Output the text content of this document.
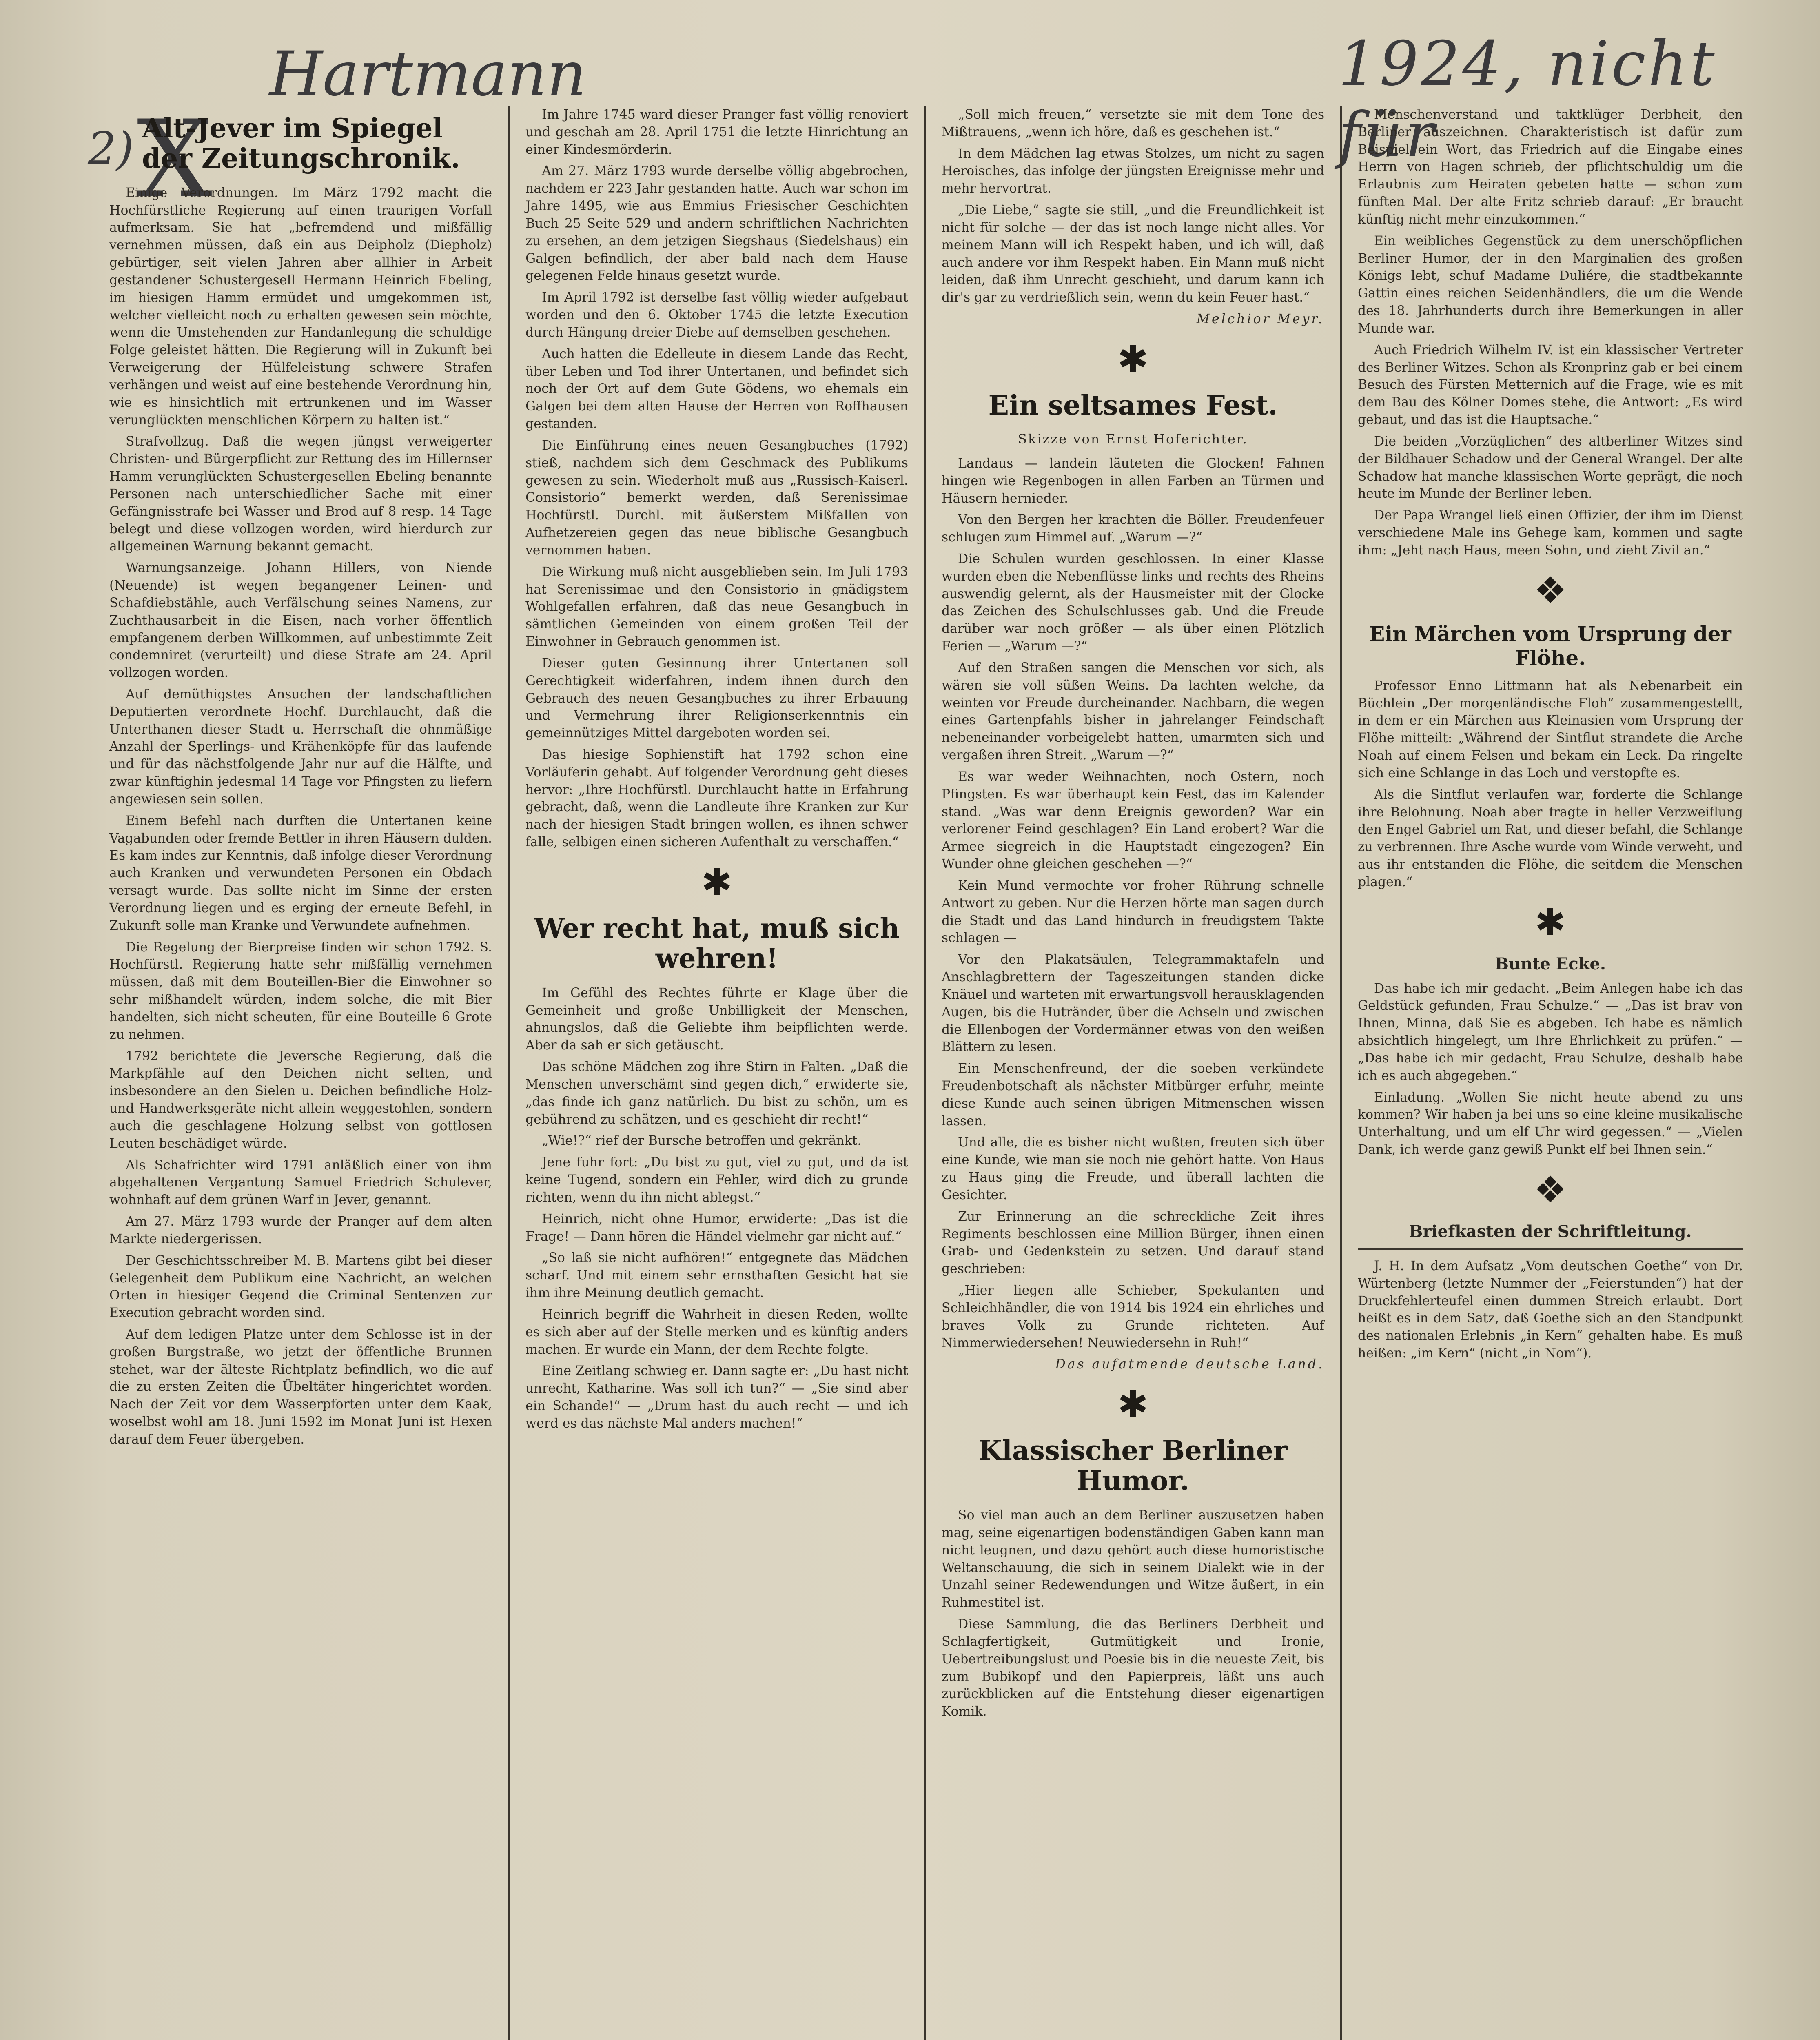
Hartmann	1924, nicht für
2) X
Alt-Jever im Spiegel der Zeitungschronik.

Einige Verordnungen. Im März 1792 macht die Hochfürstliche Regierung auf einen traurigen Vorfall aufmerksam. Sie hat „befremdend und mißfällig vernehmen müssen, daß ein aus Deipholz (Diepholz) gebürtiger, seit vielen Jahren aber allhier in Arbeit gestandener Schustergesell Hermann Heinrich Ebeling, im hiesigen Hamm ermüdet und umgekommen ist, welcher vielleicht noch zu erhalten gewesen sein möchte, wenn die Umstehenden zur Handanlegung die schuldige Folge geleistet hätten. Die Regierung will in Zukunft bei Verweigerung der Hülfeleistung schwere Strafen verhängen und weist auf eine bestehende Verordnung hin, wie es hinsichtlich mit ertrunkenen und im Wasser verunglückten menschlichen Körpern zu halten ist.“

Strafvollzug. Daß die wegen jüngst verweigerter Christen- und Bürgerpflicht zur Rettung des im Hillernser Hamm verunglückten Schustergesellen Ebeling benannte Personen nach unterschiedlicher Sache mit einer Gefängnisstrafe bei Wasser und Brod auf 8 resp. 14 Tage belegt und diese vollzogen worden, wird hierdurch zur allgemeinen Warnung bekannt gemacht.

Warnungsanzeige. Johann Hillers, von Niende (Neuende) ist wegen begangener Leinen- und Schafdiebstähle, auch Verfälschung seines Namens, zur Zuchthausarbeit in die Eisen, nach vorher öffentlich empfangenem derben Willkommen, auf unbestimmte Zeit condemniret (verurteilt) und diese Strafe am 24. April vollzogen worden.

Auf demüthigstes Ansuchen der landschaftlichen Deputierten verordnete Hochf. Durchlaucht, daß die Unterthanen dieser Stadt u. Herrschaft die ohnmäßige Anzahl der Sperlings- und Krähenköpfe für das laufende und für das nächstfolgende Jahr nur auf die Hälfte, und zwar künftighin jedesmal 14 Tage vor Pfingsten zu liefern angewiesen sein sollen.

Einem Befehl nach durften die Untertanen keine Vagabunden oder fremde Bettler in ihren Häusern dulden. Es kam indes zur Kenntnis, daß infolge dieser Verordnung auch Kranken und verwundeten Personen ein Obdach versagt wurde. Das sollte nicht im Sinne der ersten Verordnung liegen und es erging der erneute Befehl, in Zukunft solle man Kranke und Verwundete aufnehmen.

Die Regelung der Bierpreise finden wir schon 1792. S. Hochfürstl. Regierung hatte sehr mißfällig vernehmen müssen, daß mit dem Bouteillen-Bier die Einwohner so sehr mißhandelt würden, indem solche, die mit Bier handelten, sich nicht scheuten, für eine Bouteille 6 Grote zu nehmen.

1792 berichtete die Jeversche Regierung, daß die Markpfähle auf den Deichen nicht selten, und insbesondere an den Sielen u. Deichen befindliche Holz- und Handwerksgeräte nicht allein weggestohlen, sondern auch die geschlagene Holzung selbst von gottlosen Leuten beschädiget würde.

Als Schafrichter wird 1791 anläßlich einer von ihm abgehaltenen Vergantung Samuel Friedrich Schulever, wohnhaft auf dem grünen Warf in Jever, genannt.

Am 27. März 1793 wurde der Pranger auf dem alten Markte niedergerissen.

Der Geschichtsschreiber M. B. Martens gibt bei dieser Gelegenheit dem Publikum eine Nachricht, an welchen Orten in hiesiger Gegend die Criminal Sentenzen zur Execution gebracht worden sind.

Auf dem ledigen Platze unter dem Schlosse ist in der großen Burgstraße, wo jetzt der öffentliche Brunnen stehet, war der älteste Richtplatz befindlich, wo die auf die zu ersten Zeiten die Übeltäter hingerichtet worden. Nach der Zeit vor dem Wasserpforten unter dem Kaak, woselbst wohl am 18. Juni 1592 im Monat Juni ist Hexen darauf dem Feuer übergeben.

Im Jahre 1745 ward dieser Pranger fast völlig renoviert und geschah am 28. April 1751 die letzte Hinrichtung an einer Kindesmörderin.

Am 27. März 1793 wurde derselbe völlig abgebrochen, nachdem er 223 Jahr gestanden hatte. Auch war schon im Jahre 1495, wie aus Emmius Friesischer Geschichten Buch 25 Seite 529 und andern schriftlichen Nachrichten zu ersehen, an dem jetzigen Siegshaus (Siedelshaus) ein Galgen befindlich, der aber bald nach dem Hause gelegenen Felde hinaus gesetzt wurde.

Im April 1792 ist derselbe fast völlig wieder aufgebaut worden und den 6. Oktober 1745 die letzte Execution durch Hängung dreier Diebe auf demselben geschehen.

Auch hatten die Edelleute in diesem Lande das Recht, über Leben und Tod ihrer Untertanen, und befindet sich noch der Ort auf dem Gute Gödens, wo ehemals ein Galgen bei dem alten Hause der Herren von Roffhausen gestanden.

Die Einführung eines neuen Gesangbuches (1792) stieß, nachdem sich dem Geschmack des Publikums gewesen zu sein. Wiederholt muß aus „Russisch-Kaiserl. Consistorio“ bemerkt werden, daß Serenissimae Hochfürstl. Durchl. mit äußerstem Mißfallen von Aufhetzereien gegen das neue biblische Gesangbuch vernommen haben.

Die Wirkung muß nicht ausgeblieben sein. Im Juli 1793 hat Serenissimae und den Consistorio in gnädigstem Wohlgefallen erfahren, daß das neue Gesangbuch in sämtlichen Gemeinden von einem großen Teil der Einwohner in Gebrauch genommen ist.

Dieser guten Gesinnung ihrer Untertanen soll Gerechtigkeit widerfahren, indem ihnen durch den Gebrauch des neuen Gesangbuches zu ihrer Erbauung und Vermehrung ihrer Religionserkenntnis ein gemeinnütziges Mittel dargeboten worden sei.

Das hiesige Sophienstift hat 1792 schon eine Vorläuferin gehabt. Auf folgender Verordnung geht dieses hervor: „Ihre Hochfürstl. Durchlaucht hatte in Erfahrung gebracht, daß, wenn die Landleute ihre Kranken zur Kur nach der hiesigen Stadt bringen wollen, es ihnen schwer falle, selbigen einen sicheren Aufenthalt zu verschaffen.“

✱
Wer recht hat, muß sich wehren!

Im Gefühl des Rechtes führte er Klage über die Gemeinheit und große Unbilligkeit der Menschen, ahnungslos, daß die Geliebte ihm beipflichten werde. Aber da sah er sich getäuscht.

Das schöne Mädchen zog ihre Stirn in Falten. „Daß die Menschen unverschämt sind gegen dich,“ erwiderte sie, „das finde ich ganz natürlich. Du bist zu schön, um es gebührend zu schätzen, und es geschieht dir recht!“

„Wie!?“ rief der Bursche betroffen und gekränkt.

Jene fuhr fort: „Du bist zu gut, viel zu gut, und da ist keine Tugend, sondern ein Fehler, wird dich zu grunde richten, wenn du ihn nicht ablegst.“

Heinrich, nicht ohne Humor, erwiderte: „Das ist die Frage! — Dann hören die Händel vielmehr gar nicht auf.“

„So laß sie nicht aufhören!“ entgegnete das Mädchen scharf. Und mit einem sehr ernsthaften Gesicht hat sie ihm ihre Meinung deutlich gemacht.

Heinrich begriff die Wahrheit in diesen Reden, wollte es sich aber auf der Stelle merken und es künftig anders machen. Er wurde ein Mann, der dem Rechte folgte.

Eine Zeitlang schwieg er. Dann sagte er: „Du hast nicht unrecht, Katharine. Was soll ich tun?“ — „Sie sind aber ein Schande!“ — „Drum hast du auch recht — und ich werd es das nächste Mal anders machen!“

„Soll mich freuen,“ versetzte sie mit dem Tone des Mißtrauens, „wenn ich höre, daß es geschehen ist.“

In dem Mädchen lag etwas Stolzes, um nicht zu sagen Heroisches, das infolge der jüngsten Ereignisse mehr und mehr hervortrat.

„Die Liebe,“ sagte sie still, „und die Freundlichkeit ist nicht für solche — der das ist noch lange nicht alles. Vor meinem Mann will ich Respekt haben, und ich will, daß auch andere vor ihm Respekt haben. Ein Mann muß nicht leiden, daß ihm Unrecht geschieht, und darum kann ich dir's gar zu verdrießlich sein, wenn du kein Feuer hast.“

Melchior Meyr.

✱
Ein seltsames Fest.
Skizze von Ernst Hoferichter.

Landaus — landein läuteten die Glocken! Fahnen hingen wie Regenbogen in allen Farben an Türmen und Häusern hernieder.

Von den Bergen her krachten die Böller. Freudenfeuer schlugen zum Himmel auf. „Warum —?“

Die Schulen wurden geschlossen. In einer Klasse wurden eben die Nebenflüsse links und rechts des Rheins auswendig gelernt, als der Hausmeister mit der Glocke das Zeichen des Schulschlusses gab. Und die Freude darüber war noch größer — als über einen Plötzlich Ferien — „Warum —?“

Auf den Straßen sangen die Menschen vor sich, als wären sie voll süßen Weins. Da lachten welche, da weinten vor Freude durcheinander. Nachbarn, die wegen eines Gartenpfahls bisher in jahrelanger Feindschaft nebeneinander vorbeigelebt hatten, umarmten sich und vergaßen ihren Streit. „Warum —?“

Es war weder Weihnachten, noch Ostern, noch Pfingsten. Es war überhaupt kein Fest, das im Kalender stand. „Was war denn Ereignis geworden? War ein verlorener Feind geschlagen? Ein Land erobert? War die Armee siegreich in die Hauptstadt eingezogen? Ein Wunder ohne gleichen geschehen —?“

Kein Mund vermochte vor froher Rührung schnelle Antwort zu geben. Nur die Herzen hörte man sagen durch die Stadt und das Land hindurch in freudigstem Takte schlagen —

Vor den Plakatsäulen, Telegrammaktafeln und Anschlagbrettern der Tageszeitungen standen dicke Knäuel und warteten mit erwartungsvoll herausklagenden Augen, bis die Hutränder, über die Achseln und zwischen die Ellenbogen der Vordermänner etwas von den weißen Blättern zu lesen.

Ein Menschenfreund, der die soeben verkündete Freudenbotschaft als nächster Mitbürger erfuhr, meinte diese Kunde auch seinen übrigen Mitmenschen wissen lassen.

Und alle, die es bisher nicht wußten, freuten sich über eine Kunde, wie man sie noch nie gehört hatte. Von Haus zu Haus ging die Freude, und überall lachten die Gesichter.

Zur Erinnerung an die schreckliche Zeit ihres Regiments beschlossen eine Million Bürger, ihnen einen Grab- und Gedenkstein zu setzen. Und darauf stand geschrieben:

„Hier liegen alle Schieber, Spekulanten und Schleichhändler, die von 1914 bis 1924 ein ehrliches und braves Volk zu Grunde richteten. Auf Nimmerwiedersehen! Neuwiedersehn in Ruh!“

Das aufatmende deutsche Land.

✱
Klassischer Berliner Humor.

So viel man auch an dem Berliner auszusetzen haben mag, seine eigenartigen bodenständigen Gaben kann man nicht leugnen, und dazu gehört auch diese humoristische Weltanschauung, die sich in seinem Dialekt wie in der Unzahl seiner Redewendungen und Witze äußert, in ein Ruhmestitel ist.

Diese Sammlung, die das Berliners Derbheit und Schlagfertigkeit, Gutmütigkeit und Ironie, Uebertreibungslust und Poesie bis in die neueste Zeit, bis zum Bubikopf und den Papierpreis, läßt uns auch zurückblicken auf die Entstehung dieser eigenartigen Komik.

Menschenverstand und taktklüger Derbheit, den Berliner auszeichnen. Charakteristisch ist dafür zum Beispiel ein Wort, das Friedrich auf die Eingabe eines Herrn von Hagen schrieb, der pflichtschuldig um die Erlaubnis zum Heiraten gebeten hatte — schon zum fünften Mal. Der alte Fritz schrieb darauf: „Er braucht künftig nicht mehr einzukommen.“

Ein weibliches Gegenstück zu dem unerschöpflichen Berliner Humor, der in den Marginalien des großen Königs lebt, schuf Madame Duliére, die stadtbekannte Gattin eines reichen Seidenhändlers, die um die Wende des 18. Jahrhunderts durch ihre Bemerkungen in aller Munde war.

Auch Friedrich Wilhelm IV. ist ein klassischer Vertreter des Berliner Witzes. Schon als Kronprinz gab er bei einem Besuch des Fürsten Metternich auf die Frage, wie es mit dem Bau des Kölner Domes stehe, die Antwort: „Es wird gebaut, und das ist die Hauptsache.“

Die beiden „Vorzüglichen“ des altberliner Witzes sind der Bildhauer Schadow und der General Wrangel. Der alte Schadow hat manche klassischen Worte geprägt, die noch heute im Munde der Berliner leben.

Der Papa Wrangel ließ einen Offizier, der ihm im Dienst verschiedene Male ins Gehege kam, kommen und sagte ihm: „Jeht nach Haus, meen Sohn, und zieht Zivil an.“

❖
Ein Märchen vom Ursprung der Flöhe.

Professor Enno Littmann hat als Nebenarbeit ein Büchlein „Der morgenländische Floh“ zusammengestellt, in dem er ein Märchen aus Kleinasien vom Ursprung der Flöhe mitteilt: „Während der Sintflut strandete die Arche Noah auf einem Felsen und bekam ein Leck. Da ringelte sich eine Schlange in das Loch und verstopfte es.

Als die Sintflut verlaufen war, forderte die Schlange ihre Belohnung. Noah aber fragte in heller Verzweiflung den Engel Gabriel um Rat, und dieser befahl, die Schlange zu verbrennen. Ihre Asche wurde vom Winde verweht, und aus ihr entstanden die Flöhe, die seitdem die Menschen plagen.“

✱
Bunte Ecke.

Das habe ich mir gedacht. „Beim Anlegen habe ich das Geldstück gefunden, Frau Schulze.“ — „Das ist brav von Ihnen, Minna, daß Sie es abgeben. Ich habe es nämlich absichtlich hingelegt, um Ihre Ehrlichkeit zu prüfen.“ — „Das habe ich mir gedacht, Frau Schulze, deshalb habe ich es auch abgegeben.“

Einladung. „Wollen Sie nicht heute abend zu uns kommen? Wir haben ja bei uns so eine kleine musikalische Unterhaltung, und um elf Uhr wird gegessen.“ — „Vielen Dank, ich werde ganz gewiß Punkt elf bei Ihnen sein.“

❖
Briefkasten der Schriftleitung.

J. H. In dem Aufsatz „Vom deutschen Goethe“ von Dr. Würtenberg (letzte Nummer der „Feierstunden“) hat der Druckfehlerteufel einen dummen Streich erlaubt. Dort heißt es in dem Satz, daß Goethe sich an den Standpunkt des nationalen Erlebnis „in Kern“ gehalten habe. Es muß heißen: „im Kern“ (nicht „in Nom“).
